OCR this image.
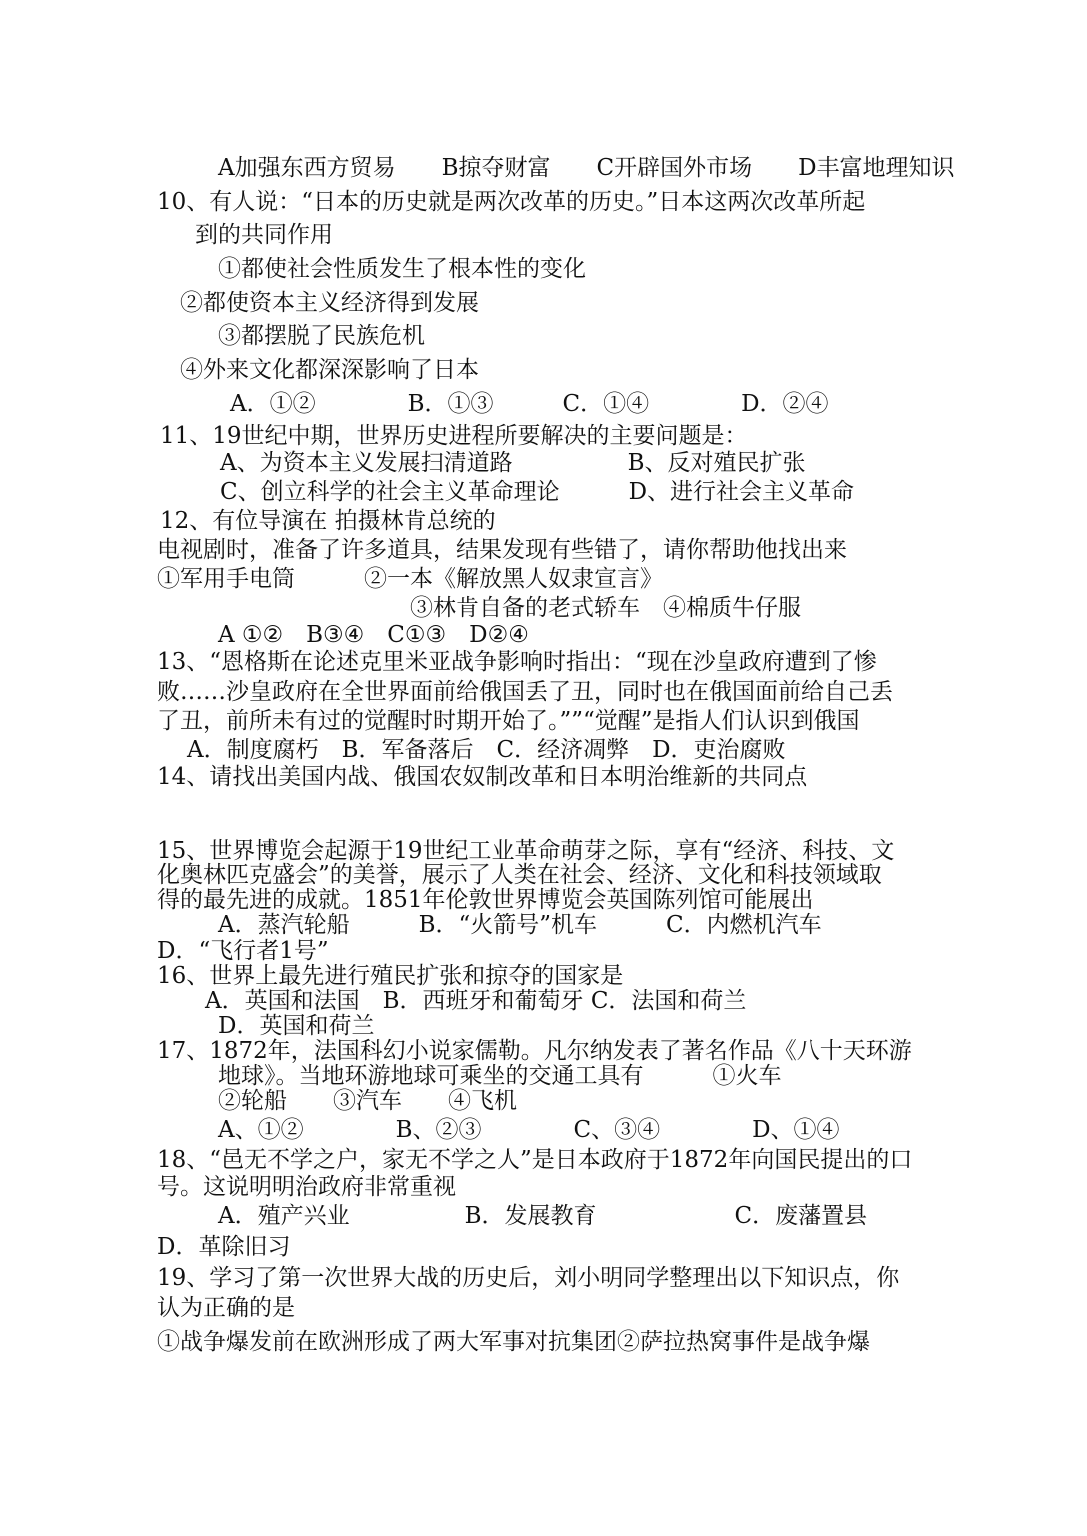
A加强东西方贸易　　B掠夺财富　　C开辟国外市场　　D丰富地理知识
10、有人说：“日本的历史就是两次改革的历史。”日本这两次改革所起
到的共同作用
①都使社会性质发生了根本性的变化
②都使资本主义经济得到发展
③都摆脱了民族危机
④外来文化都深深影响了日本
A．①②　　　　B．①③　　　C．①④　　　　D．②④
11、19世纪中期，世界历史进程所要解决的主要问题是：
A、为资本主义发展扫清道路　　　　　B、反对殖民扩张
C、创立科学的社会主义革命理论　　　D、进行社会主义革命
12、有位导演在 拍摄林肯总统的
电视剧时，准备了许多道具，结果发现有些错了，请你帮助他找出来
①军用手电筒　　　②一本《解放黑人奴隶宣言》
③林肯自备的老式轿车　④棉质牛仔服
A ①②　B③④　C①③　D②④
13、“恩格斯在论述克里米亚战争影响时指出：“现在沙皇政府遭到了惨
败……沙皇政府在全世界面前给俄国丢了丑，同时也在俄国面前给自己丢
了丑，前所未有过的觉醒时时期开始了。””“觉醒”是指人们认识到俄国
A．制度腐朽　B．军备落后　C．经济凋弊　D．吏治腐败
14、请找出美国内战、俄国农奴制改革和日本明治维新的共同点
15、世界博览会起源于19世纪工业革命萌芽之际，享有“经济、科技、文
化奥林匹克盛会”的美誉，展示了人类在社会、经济、文化和科技领域取
得的最先进的成就。1851年伦敦世界博览会英国陈列馆可能展出
A．蒸汽轮船　　　B．“火箭号”机车　　　C．内燃机汽车
D．“飞行者1号”
16、世界上最先进行殖民扩张和掠夺的国家是
A．英国和法国　B．西班牙和葡萄牙 C．法国和荷兰
D．英国和荷兰
17、1872年，法国科幻小说家儒勒。凡尔纳发表了著名作品《八十天环游
地球》。当地环游地球可乘坐的交通工具有　　　①火车
②轮船　　③汽车　　④飞机
A、①②　　　　B、②③　　　　C、③④　　　　D、①④
18、“邑无不学之户，家无不学之人”是日本政府于1872年向国民提出的口
号。这说明明治政府非常重视
A．殖产兴业　　　　　B．发展教育　　　　　　C．废藩置县
D．革除旧习
19、学习了第一次世界大战的历史后，刘小明同学整理出以下知识点，你
认为正确的是
①战争爆发前在欧洲形成了两大军事对抗集团②萨拉热窝事件是战争爆
